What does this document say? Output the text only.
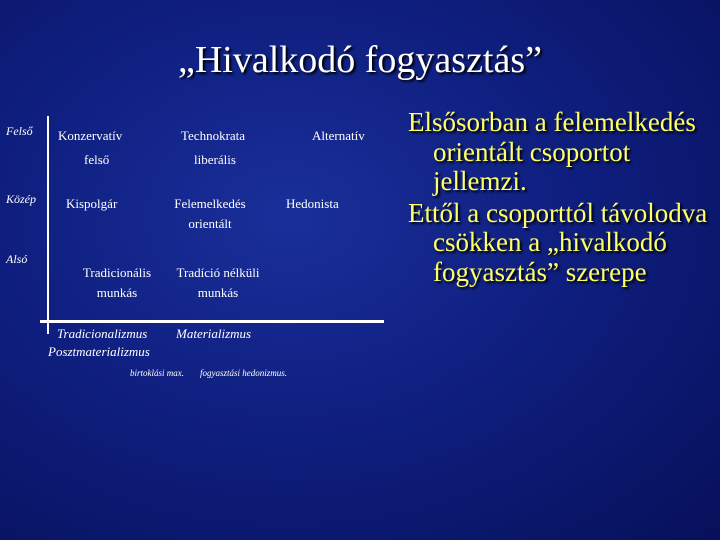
„Hivalkodó fogyasztás”
Felső
Közép
Alsó
Konzervatív
felső
Technokrata
liberális
Alternatív
Kispolgár	Felemelkedés
orientált
Hedonista
Tradicionális
munkás
Tradíció nélküli
munkás
Tradicionalizmus Materializmus
Posztmaterializmus
birtoklási max. fogyasztási hedonizmus.

Elsősorban a felemelkedés orientált csoportot jellemzi.

Ettől a csoporttól távolodva csökken a „hivalkodó fogyasztás” szerepe
